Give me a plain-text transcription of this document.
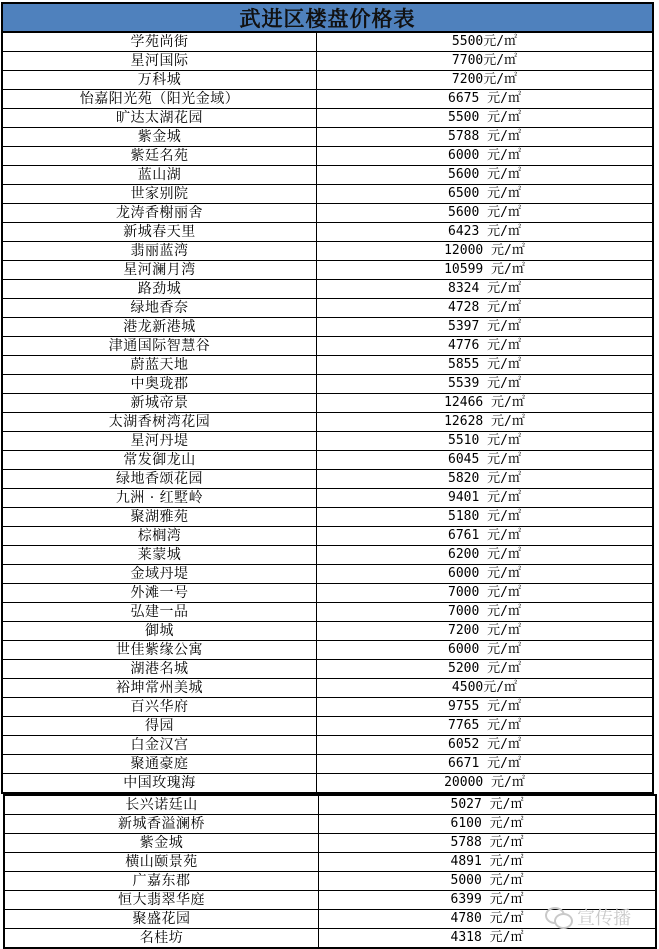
武进区楼盘价格表
学苑尚街	5500元/㎡
星河国际	7700元/㎡
万科城	7200元/㎡
怡嘉阳光苑（阳光金域）	6675 元/㎡
旷达太湖花园	5500 元/㎡
紫金城	5788 元/㎡
紫廷名苑	6000 元/㎡
蓝山湖	5600 元/㎡
世家别院	6500 元/㎡
龙涛香榭丽舍	5600 元/㎡
新城春天里	6423 元/㎡
翡丽蓝湾	12000 元/㎡
星河澜月湾	10599 元/㎡
路劲城	8324 元/㎡
绿地香奈	4728 元/㎡
港龙新港城	5397 元/㎡
津通国际智慧谷	4776 元/㎡
蔚蓝天地	5855 元/㎡
中奥珑郡	5539 元/㎡
新城帝景	12466 元/㎡
太湖香树湾花园	12628 元/㎡
星河丹堤	5510 元/㎡
常发御龙山	6045 元/㎡
绿地香颂花园	5820 元/㎡
九洲 · 红墅岭	9401 元/㎡
聚湖雅苑	5180 元/㎡
棕榈湾	6761 元/㎡
莱蒙城	6200 元/㎡
金域丹堤	6000 元/㎡
外滩一号	7000 元/㎡
弘建一品	7000 元/㎡
御城	7200 元/㎡
世佳紫缘公寓	6000 元/㎡
湖港名城	5200 元/㎡
裕坤常州美城	4500元/㎡
百兴华府	9755 元/㎡
得园	7765 元/㎡
白金汉宫	6052 元/㎡
聚通豪庭	6671 元/㎡
中国玫瑰海	20000 元/㎡
长兴诺廷山	5027 元/㎡
新城香溢澜桥	6100 元/㎡
紫金城	5788 元/㎡
横山颐景苑	4891 元/㎡
广嘉东郡	5000 元/㎡
恒大翡翠华庭	6399 元/㎡
聚盛花园	4780 元/㎡
名桂坊	4318 元/㎡
宣传播
